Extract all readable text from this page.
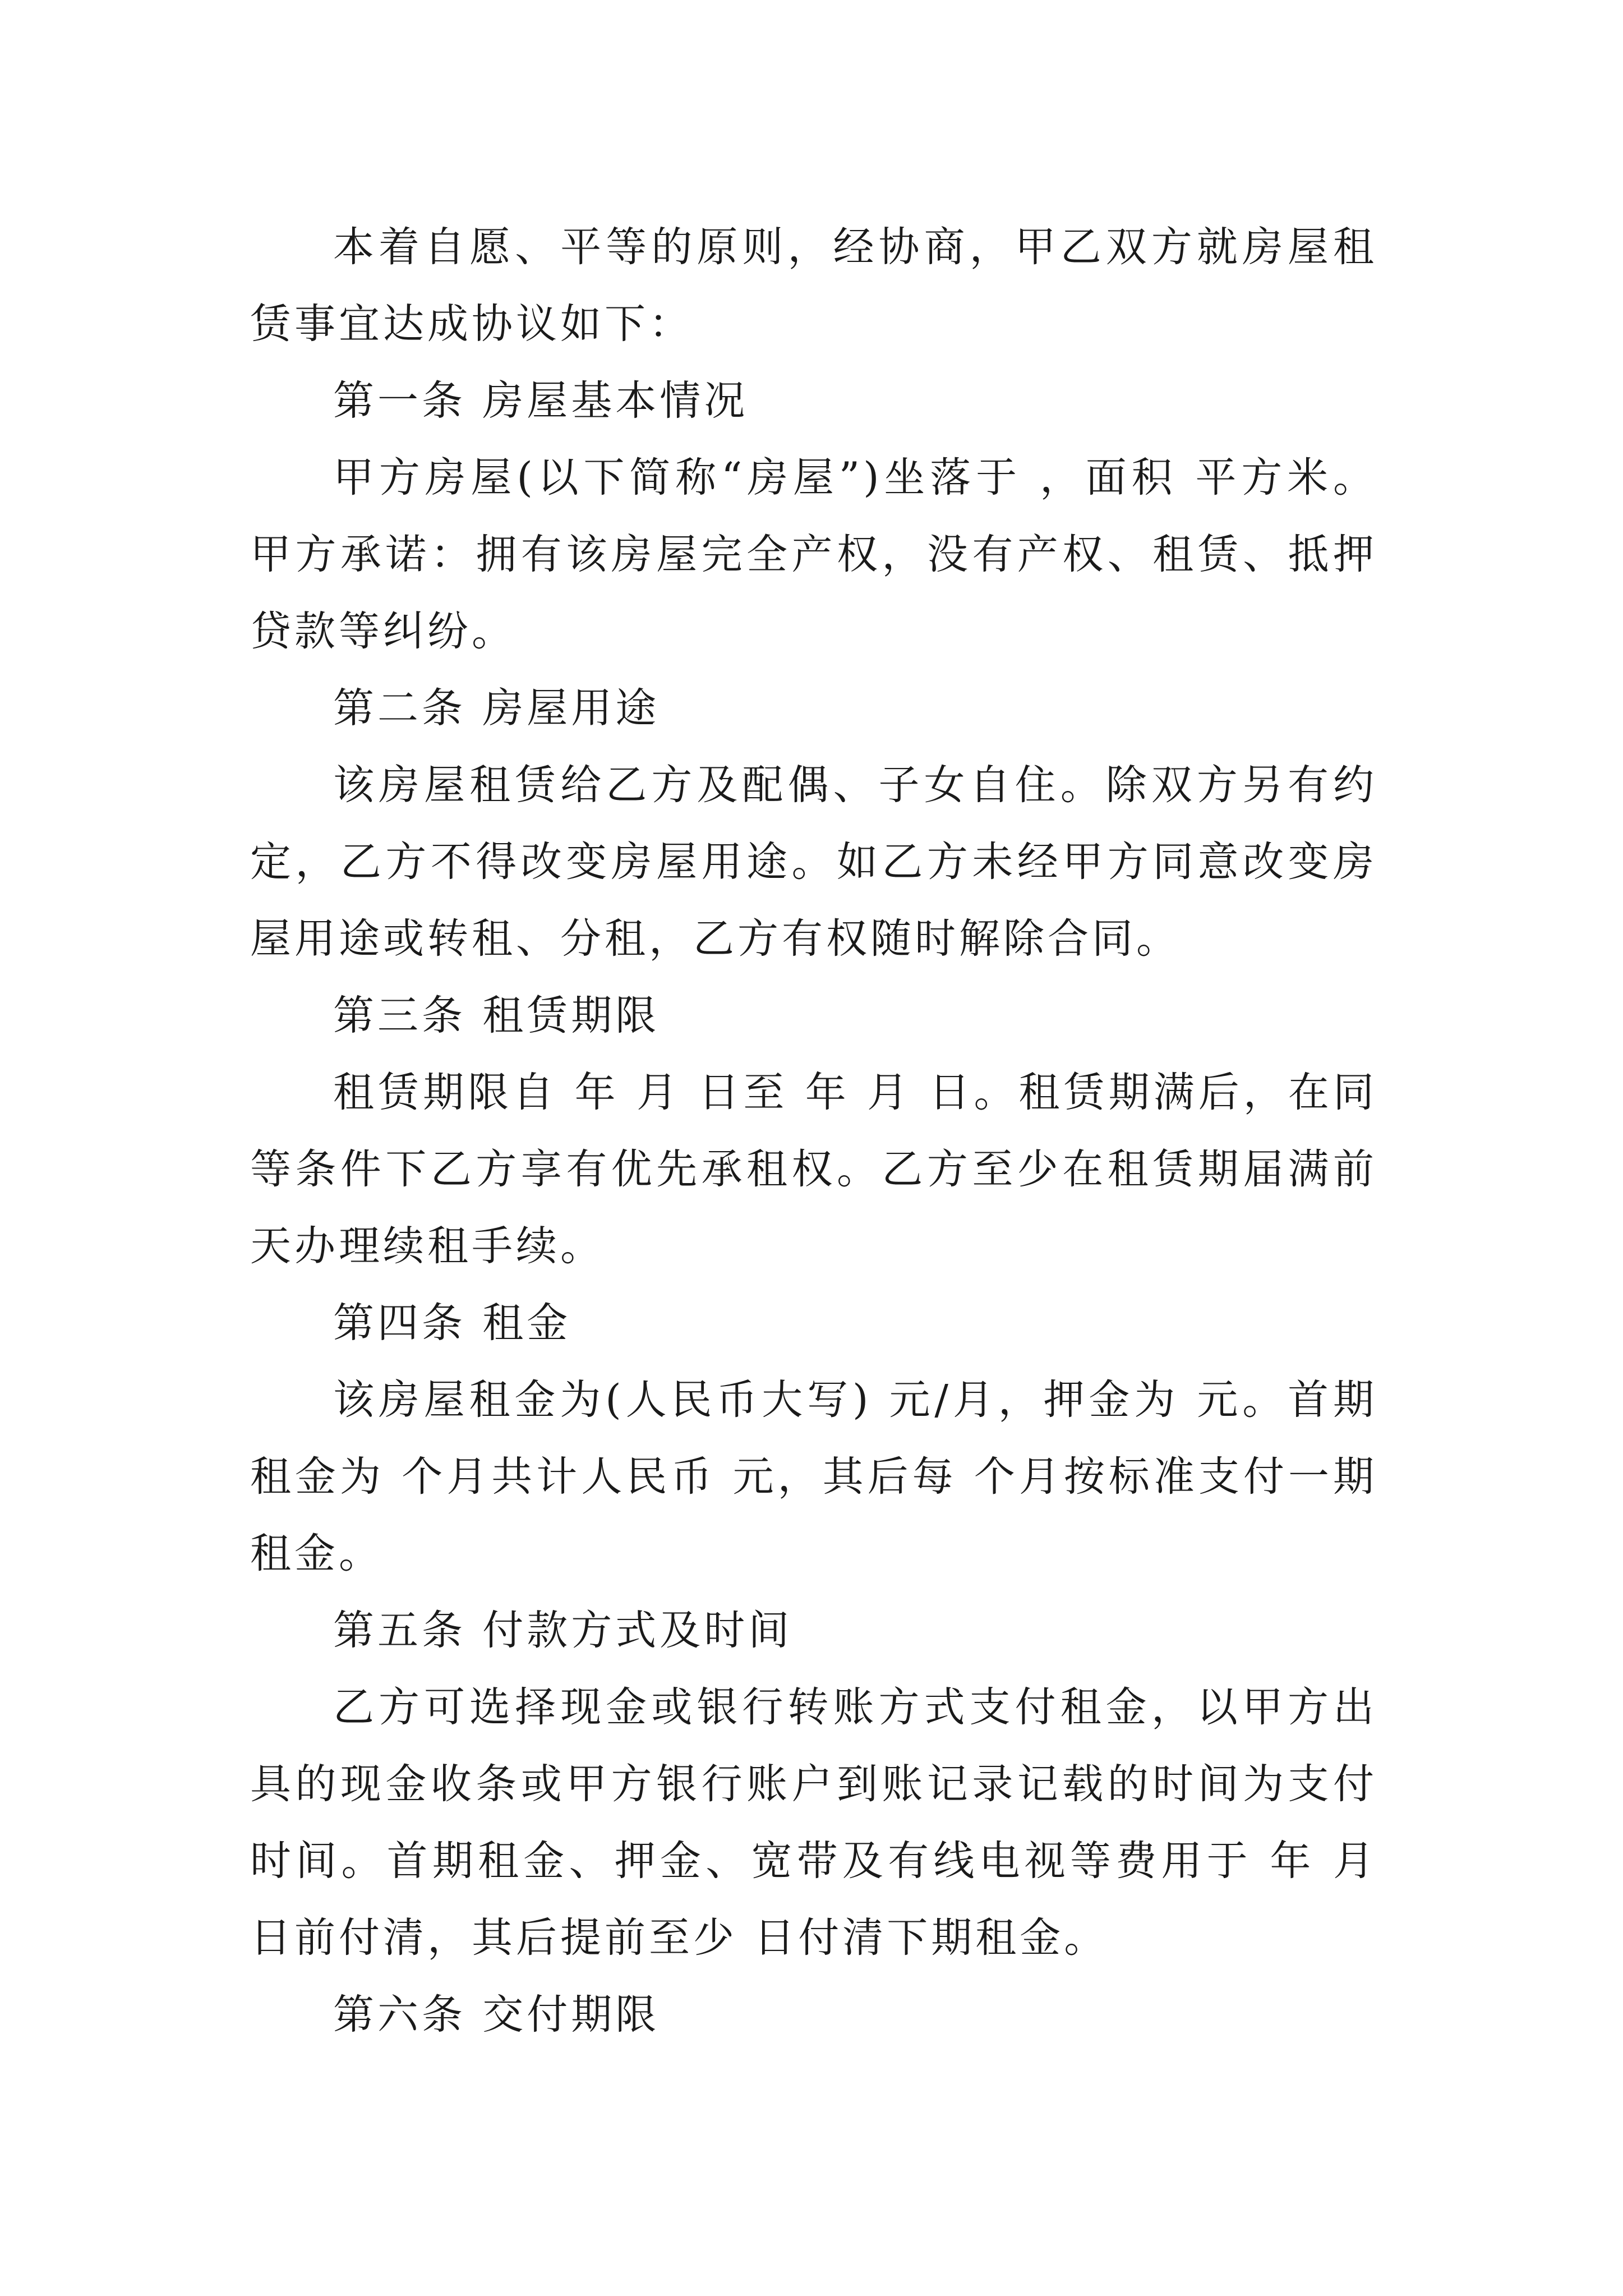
本着自愿、平等的原则，经协商，甲乙双方就房屋租赁事宜达成协议如下：

第一条 房屋基本情况

甲方房屋(以下简称“房屋”)坐落于 ，面积 平方米。甲方承诺：拥有该房屋完全产权，没有产权、租赁、抵押贷款等纠纷。

第二条 房屋用途

该房屋租赁给乙方及配偶、子女自住。除双方另有约定，乙方不得改变房屋用途。如乙方未经甲方同意改变房屋用途或转租、分租，乙方有权随时解除合同。

第三条 租赁期限

租赁期限自 年 月 日至 年 月 日。租赁期满后，在同等条件下乙方享有优先承租权。乙方至少在租赁期届满前天办理续租手续。

第四条 租金

该房屋租金为(人民币大写) 元/月，押金为 元。首期租金为 个月共计人民币 元，其后每 个月按标准支付一期租金。

第五条 付款方式及时间

乙方可选择现金或银行转账方式支付租金，以甲方出具的现金收条或甲方银行账户到账记录记载的时间为支付时间。首期租金、押金、宽带及有线电视等费用于 年 月 日前付清，其后提前至少 日付清下期租金。

第六条 交付期限
